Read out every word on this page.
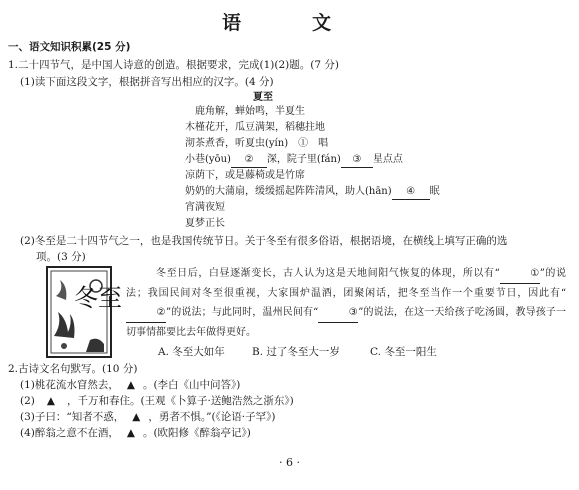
语　文
一、语文知识积累(25 分)
1.二十四节气，是中国人诗意的创造。根据要求，完成(1)(2)题。(7 分)
(1)读下面这段文字，根据拼音写出相应的汉字。(4 分)
夏至
鹿角解，蝉始鸣，半夏生
木槿花开，瓜豆满架，稻穗拄地
沏茶煮香，听夏虫(yín)　①　唱
小巷(yōu) ② 深，院子里(fán) ③ 星点点
凉荫下，或是藤椅或是竹席
奶奶的大蒲扇，缓缓摇起阵阵清风，助人(hān) ④ 眠
宵满夜短
夏梦正长
(2)冬至是二十四节气之一，也是我国传统节日。关于冬至有很多俗语，根据语境，在横线上填写正确的选
项。(3 分)
冬至
冬至日后，白昼逐渐变长，古人认为这是天地间阳气恢复的体现，所以有“	①”的说法；我国民间对冬至很重视，大家围炉温酒，团聚闲话，把冬至当作一个重要节日，因此有“②”的说法；与此同时，温州民间有“	③”的说法，在这一天给孩子吃汤圆，教导孩子一切事情都要比去年做得更好。
A. 冬至大如年	B. 过了冬至大一岁	C. 冬至一阳生
2.古诗文名句默写。(10 分)
(1)桃花流水窅然去， ▲ 。(李白《山中问答》)
(2) ▲ ，千万和春住。(王观《卜算子·送鲍浩然之浙东》)
(3)子曰：“知者不惑， ▲ ，勇者不惧。”(《论语·子罕》)
(4)醉翁之意不在酒， ▲ 。(欧阳修《醉翁亭记》)
· 6 ·
